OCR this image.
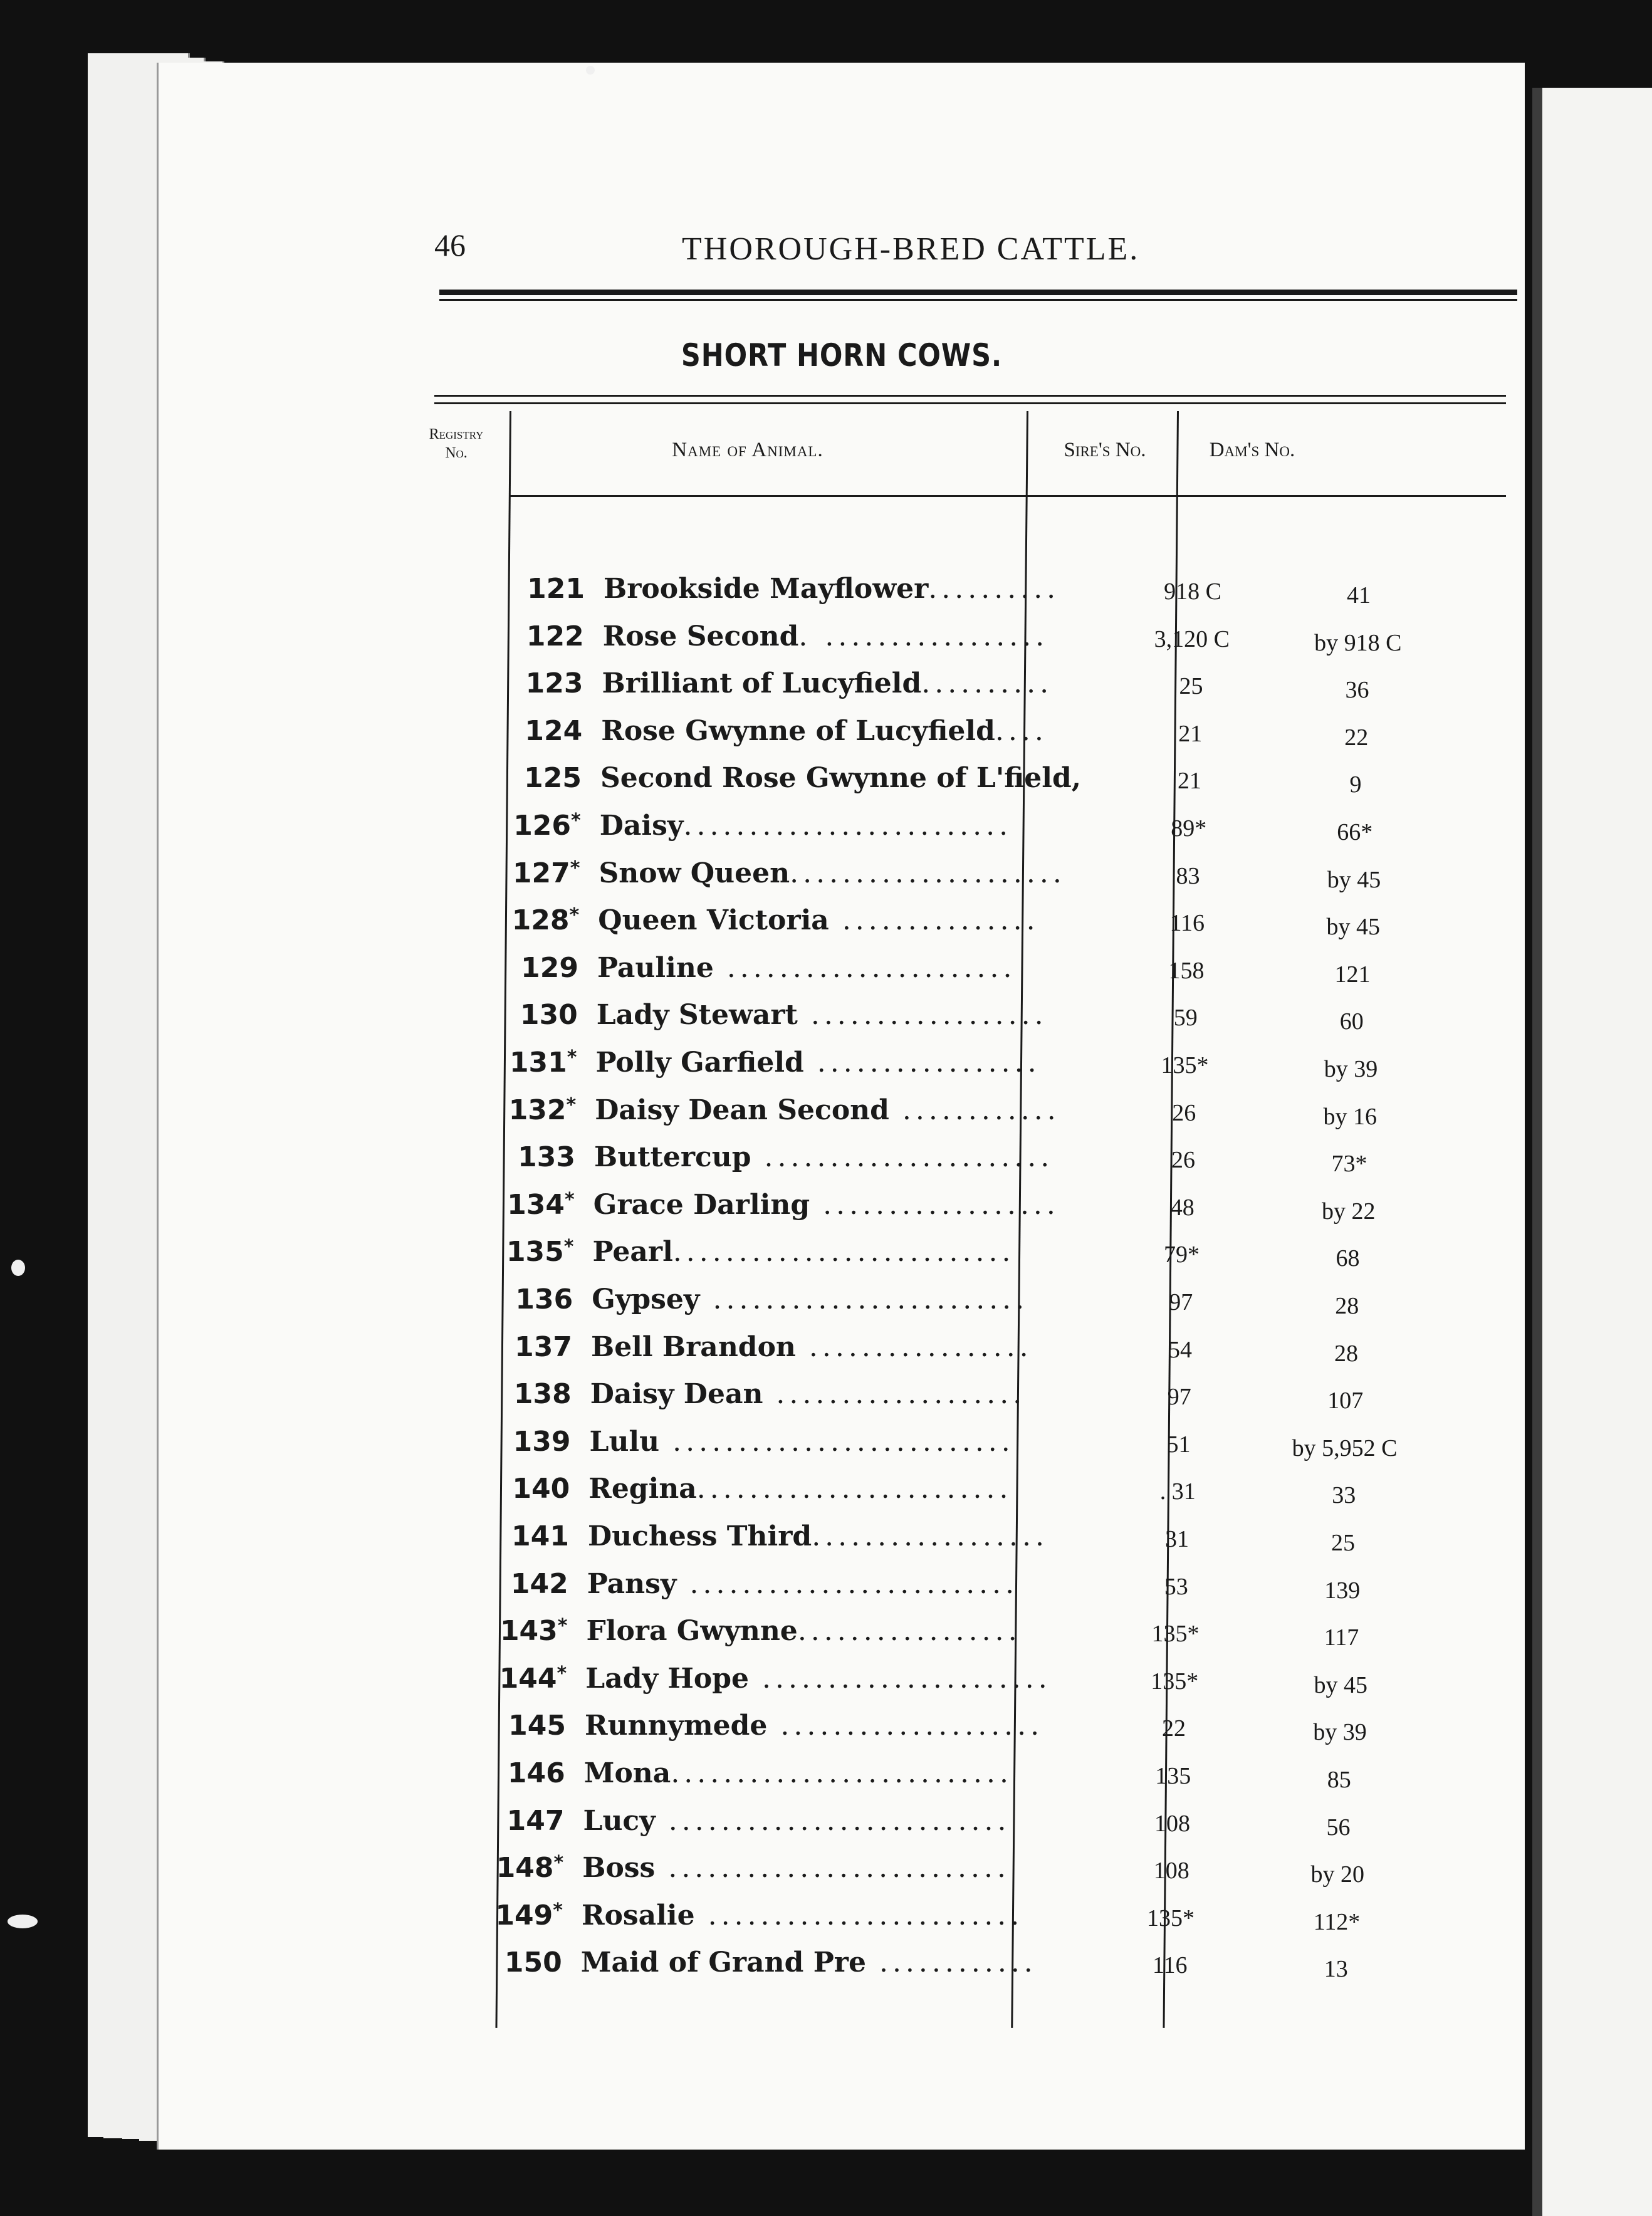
46	THOROUGH-BRED CATTLE.
SHORT HORN COWS.
Registry
No.	Name of Animal.	Sire's No.	Dam's No.
121 Brookside Mayflower..........	918 C	41
122 Rose Second. .................	3,120 C	by 918 C
123 Brilliant of Lucyfield..........	25	36
124 Rose Gwynne of Lucyfield....	21	22
125 Second Rose Gwynne of L'field,	21	9
126* Daisy.........................	89*	66*
127* Snow Queen.....................	83	by 45
128* Queen Victoria ...............	116	by 45
129 Pauline ......................	158	121
130 Lady Stewart ..................	59	60
131* Polly Garfield .................	135*	by 39
132* Daisy Dean Second ............	26	by 16
133 Buttercup ......................	26	73*
134* Grace Darling ..................	48	by 22
135* Pearl..........................	79*	68
136 Gypsey ........................	97	28
137 Bell Brandon .................	54	28
138 Daisy Dean ...................	97	107
139 Lulu ..........................	51	by 5,952 C
140 Regina........................	. 31	33
141 Duchess Third..................	31	25
142 Pansy .........................	53	139
143* Flora Gwynne.................	135*	117
144* Lady Hope ......................	135*	by 45
145 Runnymede ....................	22	by 39
146 Mona..........................	135	85
147 Lucy ..........................	108	56
148* Boss ..........................	108	by 20
149* Rosalie ........................	135*	112*
150 Maid of Grand Pre ............	116	13
